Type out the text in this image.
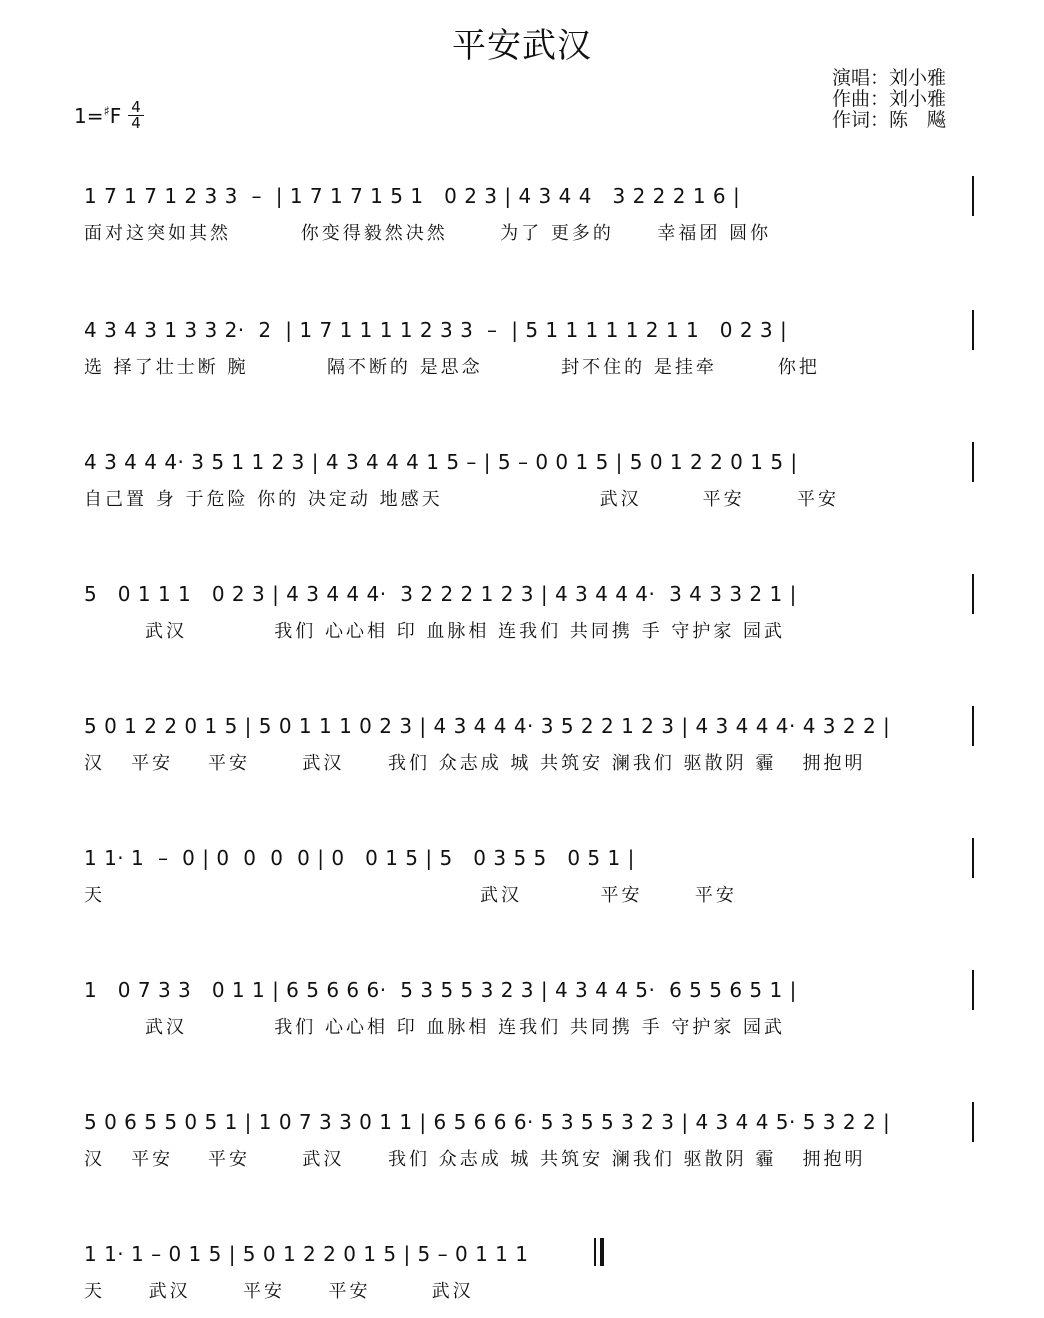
平安武汉
1=♯F 4
4
演唱：刘小雅
作曲：刘小雅
作词：陈　飚
1 7 1 7 1 2 3 3  –  | 1 7 1 7 1 5 1   0 2 3 | 4 3 4 4   3 2 2 2 1 6 |
面对这突如其然        你变得毅然决然      为了 更多的     幸福团 圆你
4 3 4 3 1 3 3 2·  2  | 1 7 1 1 1 1 2 3 3  –  | 5 1 1 1 1 1 2 1 1   0 2 3 |
选 择了壮士断 腕         隔不断的 是思念         封不住的 是挂牵       你把
4 3 4 4 4· 3 5 1 1 2 3 | 4 3 4 4 4 1 5 – | 5 – 0 0 1 5 | 5 0 1 2 2 0 1 5 |
自己置 身 于危险 你的 决定动 地感天                  武汉       平安      平安
5   0 1 1 1   0 2 3 | 4 3 4 4 4·  3 2 2 2 1 2 3 | 4 3 4 4 4·  3 4 3 3 2 1 |
武汉          我们 心心相 印 血脉相 连我们 共同携 手 守护家 园武
5 0 1 2 2 0 1 5 | 5 0 1 1 1 0 2 3 | 4 3 4 4 4· 3 5 2 2 1 2 3 | 4 3 4 4 4· 4 3 2 2 |
汉   平安    平安      武汉     我们 众志成 城 共筑安 澜我们 驱散阴 霾   拥抱明
1 1· 1  –  0 | 0  0  0  0 | 0   0 1 5 | 5   0 3 5 5   0 5 1 |
天                                           武汉         平安      平安
1   0 7 3 3   0 1 1 | 6 5 6 6 6·  5 3 5 5 3 2 3 | 4 3 4 4 5·  6 5 5 6 5 1 |
武汉          我们 心心相 印 血脉相 连我们 共同携 手 守护家 园武
5 0 6 5 5 0 5 1 | 1 0 7 3 3 0 1 1 | 6 5 6 6 6· 5 3 5 5 3 2 3 | 4 3 4 4 5· 5 3 2 2 |
汉   平安    平安      武汉     我们 众志成 城 共筑安 澜我们 驱散阴 霾   拥抱明
1 1· 1 – 0 1 5 | 5 0 1 2 2 0 1 5 | 5 – 0 1 1 1
天     武汉      平安     平安       武汉
